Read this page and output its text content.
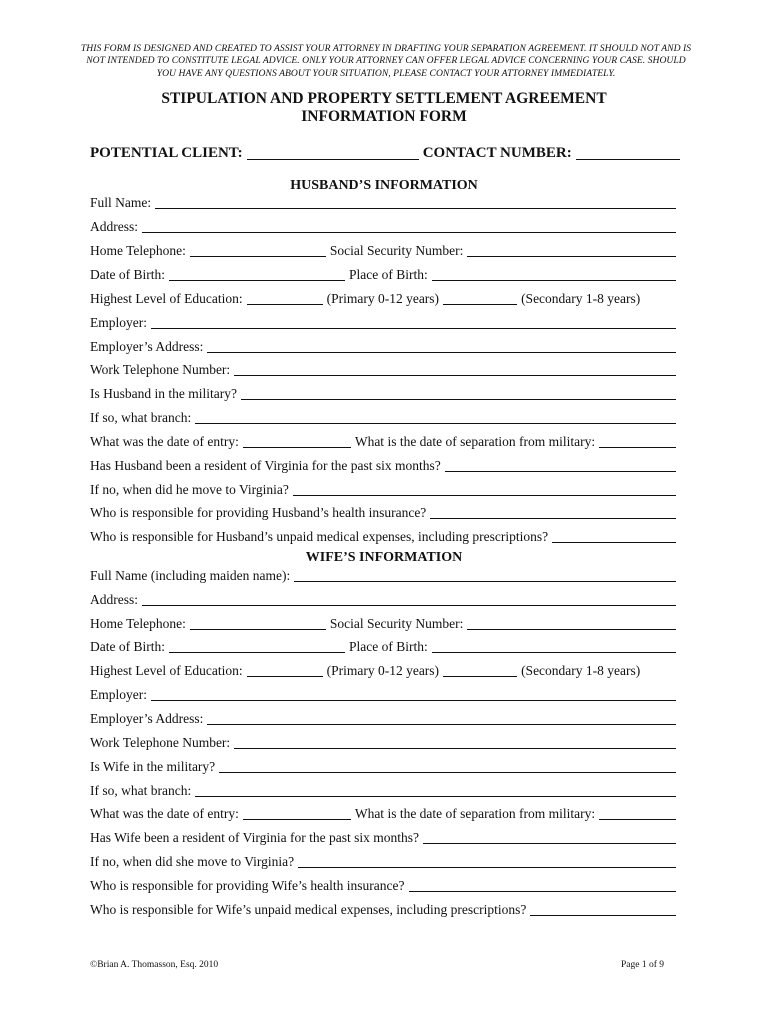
THIS FORM IS DESIGNED AND CREATED TO ASSIST YOUR ATTORNEY IN DRAFTING YOUR SEPARATION AGREEMENT. IT SHOULD NOT AND IS NOT INTENDED TO CONSTITUTE LEGAL ADVICE. ONLY YOUR ATTORNEY CAN OFFER LEGAL ADVICE CONCERNING YOUR CASE. SHOULD YOU HAVE ANY QUESTIONS ABOUT YOUR SITUATION, PLEASE CONTACT YOUR ATTORNEY IMMEDIATELY.
STIPULATION AND PROPERTY SETTLEMENT AGREEMENT
INFORMATION FORM
POTENTIAL CLIENT:	CONTACT NUMBER:
HUSBAND’S INFORMATION
Full Name:
Address:
Home Telephone:	Social Security Number:
Date of Birth:	Place of Birth:
Highest Level of Education:	(Primary 0-12 years)	(Secondary 1-8 years)
Employer:
Employer’s Address:
Work Telephone Number:
Is Husband in the military?
If so, what branch:
What was the date of entry:	What is the date of separation from military:
Has Husband been a resident of Virginia for the past six months?
If no, when did he move to Virginia?
Who is responsible for providing Husband’s health insurance?
Who is responsible for Husband’s unpaid medical expenses, including prescriptions?
WIFE’S INFORMATION
Full Name (including maiden name):
Address:
Home Telephone:	Social Security Number:
Date of Birth:	Place of Birth:
Highest Level of Education:	(Primary 0-12 years)	(Secondary 1-8 years)
Employer:
Employer’s Address:
Work Telephone Number:
Is Wife in the military?
If so, what branch:
What was the date of entry:	What is the date of separation from military:
Has Wife been a resident of Virginia for the past six months?
If no, when did she move to Virginia?
Who is responsible for providing Wife’s health insurance?
Who is responsible for Wife’s unpaid medical expenses, including prescriptions?
©Brian A. Thomasson, Esq. 2010	Page 1 of 9
